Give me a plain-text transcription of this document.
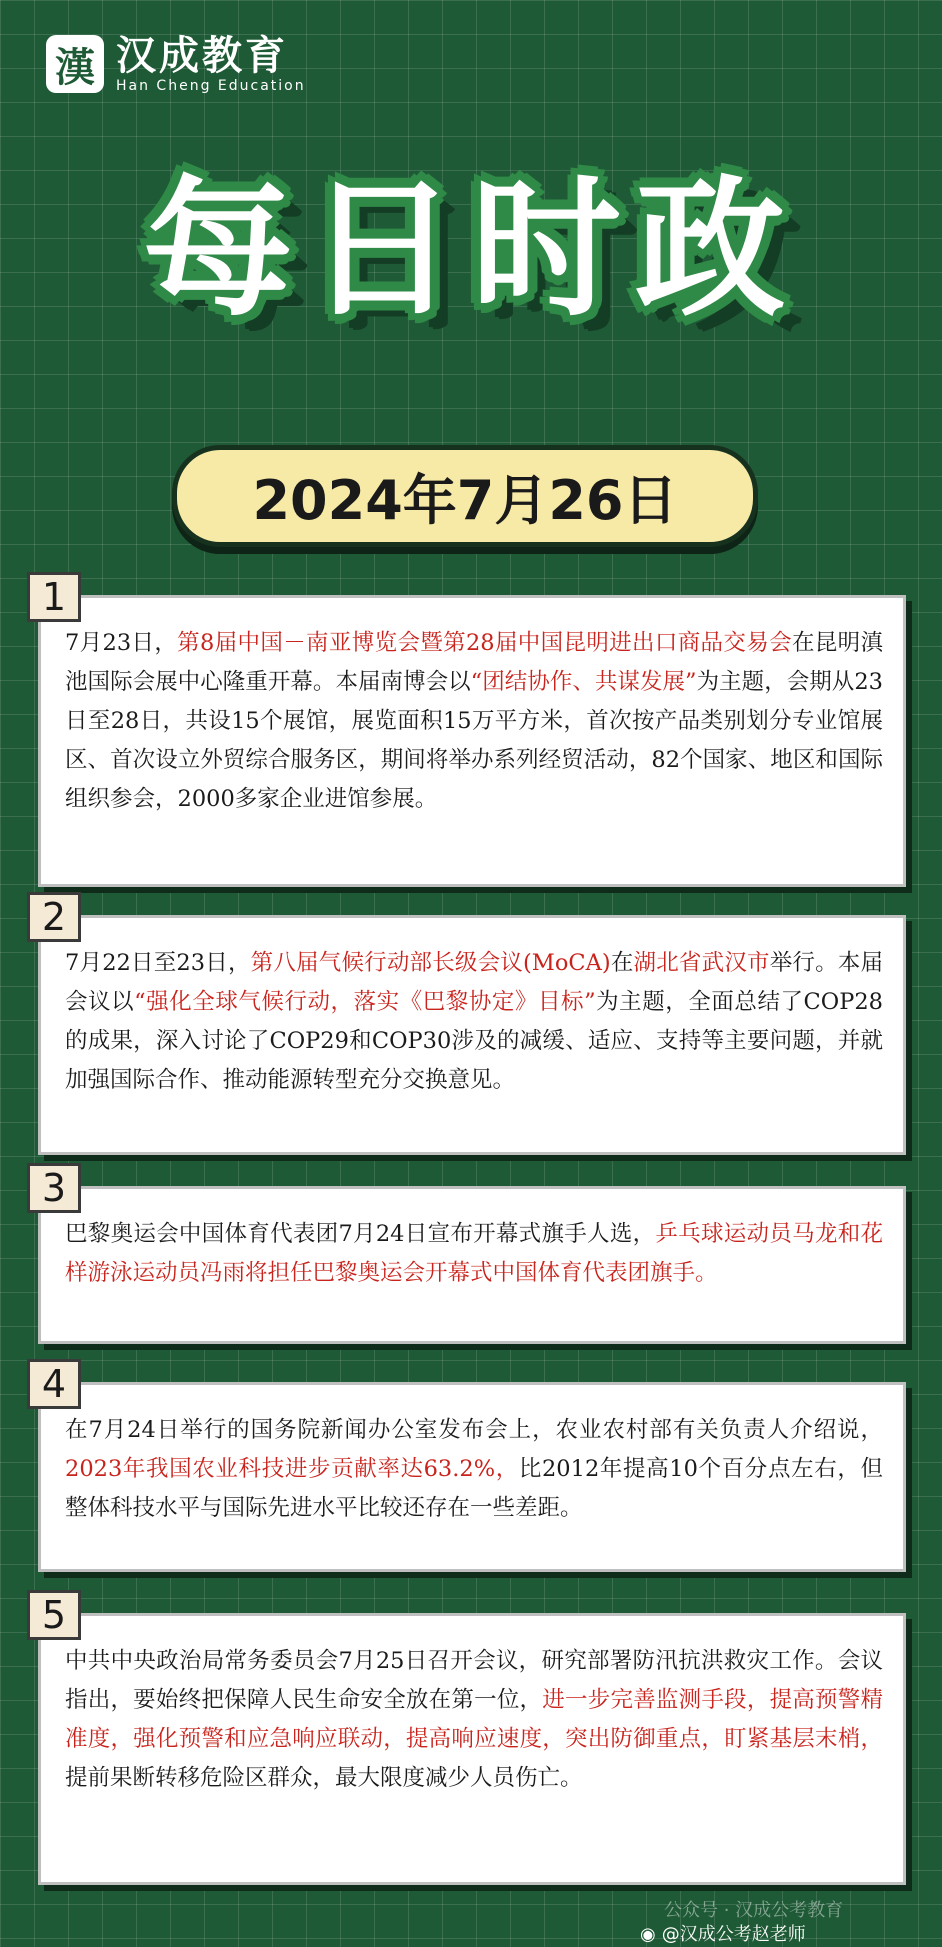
漢 汉成教育
Han Cheng Education
每日时政
2024年7月26日
1

7月23日，第8届中国－南亚博览会暨第28届中国昆明进出口商品交易会在昆明滇池国际会展中心隆重开幕。本届南博会以“团结协作、共谋发展”为主题，会期从23日至28日，共设15个展馆，展览面积15万平方米，首次按产品类别划分专业馆展区、首次设立外贸综合服务区，期间将举办系列经贸活动，82个国家、地区和国际组织参会，2000多家企业进馆参展。

2

7月22日至23日，第八届气候行动部长级会议(MoCA)在湖北省武汉市举行。本届会议以“强化全球气候行动，落实《巴黎协定》目标”为主题，全面总结了COP28的成果，深入讨论了COP29和COP30涉及的减缓、适应、支持等主要问题，并就加强国际合作、推动能源转型充分交换意见。

3

巴黎奥运会中国体育代表团7月24日宣布开幕式旗手人选，乒乓球运动员马龙和花样游泳运动员冯雨将担任巴黎奥运会开幕式中国体育代表团旗手。

4

在7月24日举行的国务院新闻办公室发布会上，农业农村部有关负责人介绍说，2023年我国农业科技进步贡献率达63.2%，比2012年提高10个百分点左右，但整体科技水平与国际先进水平比较还存在一些差距。

5

中共中央政治局常务委员会7月25日召开会议，研究部署防汛抗洪救灾工作。会议指出，要始终把保障人民生命安全放在第一位，进一步完善监测手段，提高预警精准度，强化预警和应急响应联动，提高响应速度，突出防御重点，盯紧基层末梢，提前果断转移危险区群众，最大限度减少人员伤亡。

公众号 · 汉成公考教育
◉ @汉成公考赵老师
